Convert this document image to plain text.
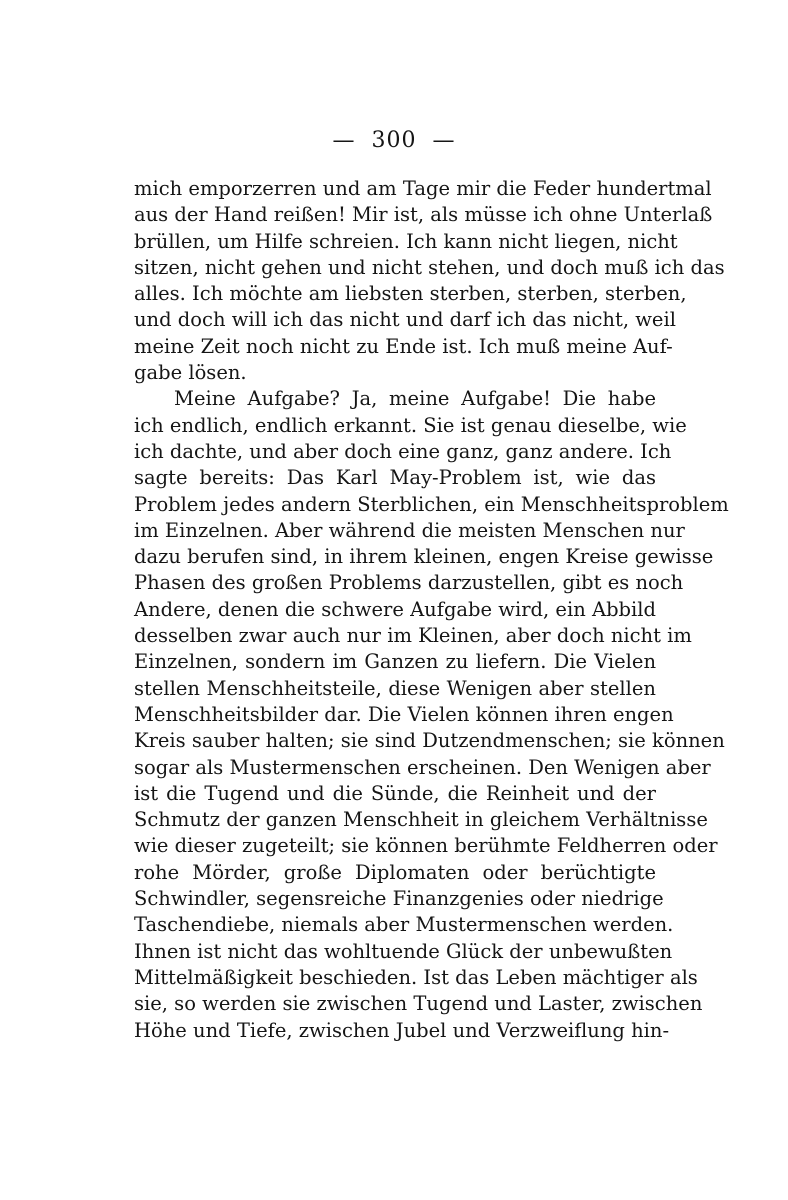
—  300  —
mich emporzerren und am Tage mir die Feder hundertmal
aus der Hand reißen! Mir ist, als müsse ich ohne Unterlaß
brüllen, um Hilfe schreien. Ich kann nicht liegen, nicht
sitzen, nicht gehen und nicht stehen, und doch muß ich das
alles. Ich möchte am liebsten sterben, sterben, sterben,
und doch will ich das nicht und darf ich das nicht, weil
meine Zeit noch nicht zu Ende ist. Ich muß meine Auf-
gabe lösen.
Meine Aufgabe? Ja, meine Aufgabe! Die habe
ich endlich, endlich erkannt. Sie ist genau dieselbe, wie
ich dachte, und aber doch eine ganz, ganz andere. Ich
sagte bereits: Das Karl May-Problem ist, wie das
Problem jedes andern Sterblichen, ein Menschheitsproblem
im Einzelnen. Aber während die meisten Menschen nur
dazu berufen sind, in ihrem kleinen, engen Kreise gewisse
Phasen des großen Problems darzustellen, gibt es noch
Andere, denen die schwere Aufgabe wird, ein Abbild
desselben zwar auch nur im Kleinen, aber doch nicht im
Einzelnen, sondern im Ganzen zu liefern. Die Vielen
stellen Menschheitsteile, diese Wenigen aber stellen
Menschheitsbilder dar. Die Vielen können ihren engen
Kreis sauber halten; sie sind Dutzendmenschen; sie können
sogar als Mustermenschen erscheinen. Den Wenigen aber
ist die Tugend und die Sünde, die Reinheit und der
Schmutz der ganzen Menschheit in gleichem Verhältnisse
wie dieser zugeteilt; sie können berühmte Feldherren oder
rohe Mörder, große Diplomaten oder berüchtigte
Schwindler, segensreiche Finanzgenies oder niedrige
Taschendiebe, niemals aber Mustermenschen werden.
Ihnen ist nicht das wohltuende Glück der unbewußten
Mittelmäßigkeit beschieden. Ist das Leben mächtiger als
sie, so werden sie zwischen Tugend und Laster, zwischen
Höhe und Tiefe, zwischen Jubel und Verzweiflung hin-
